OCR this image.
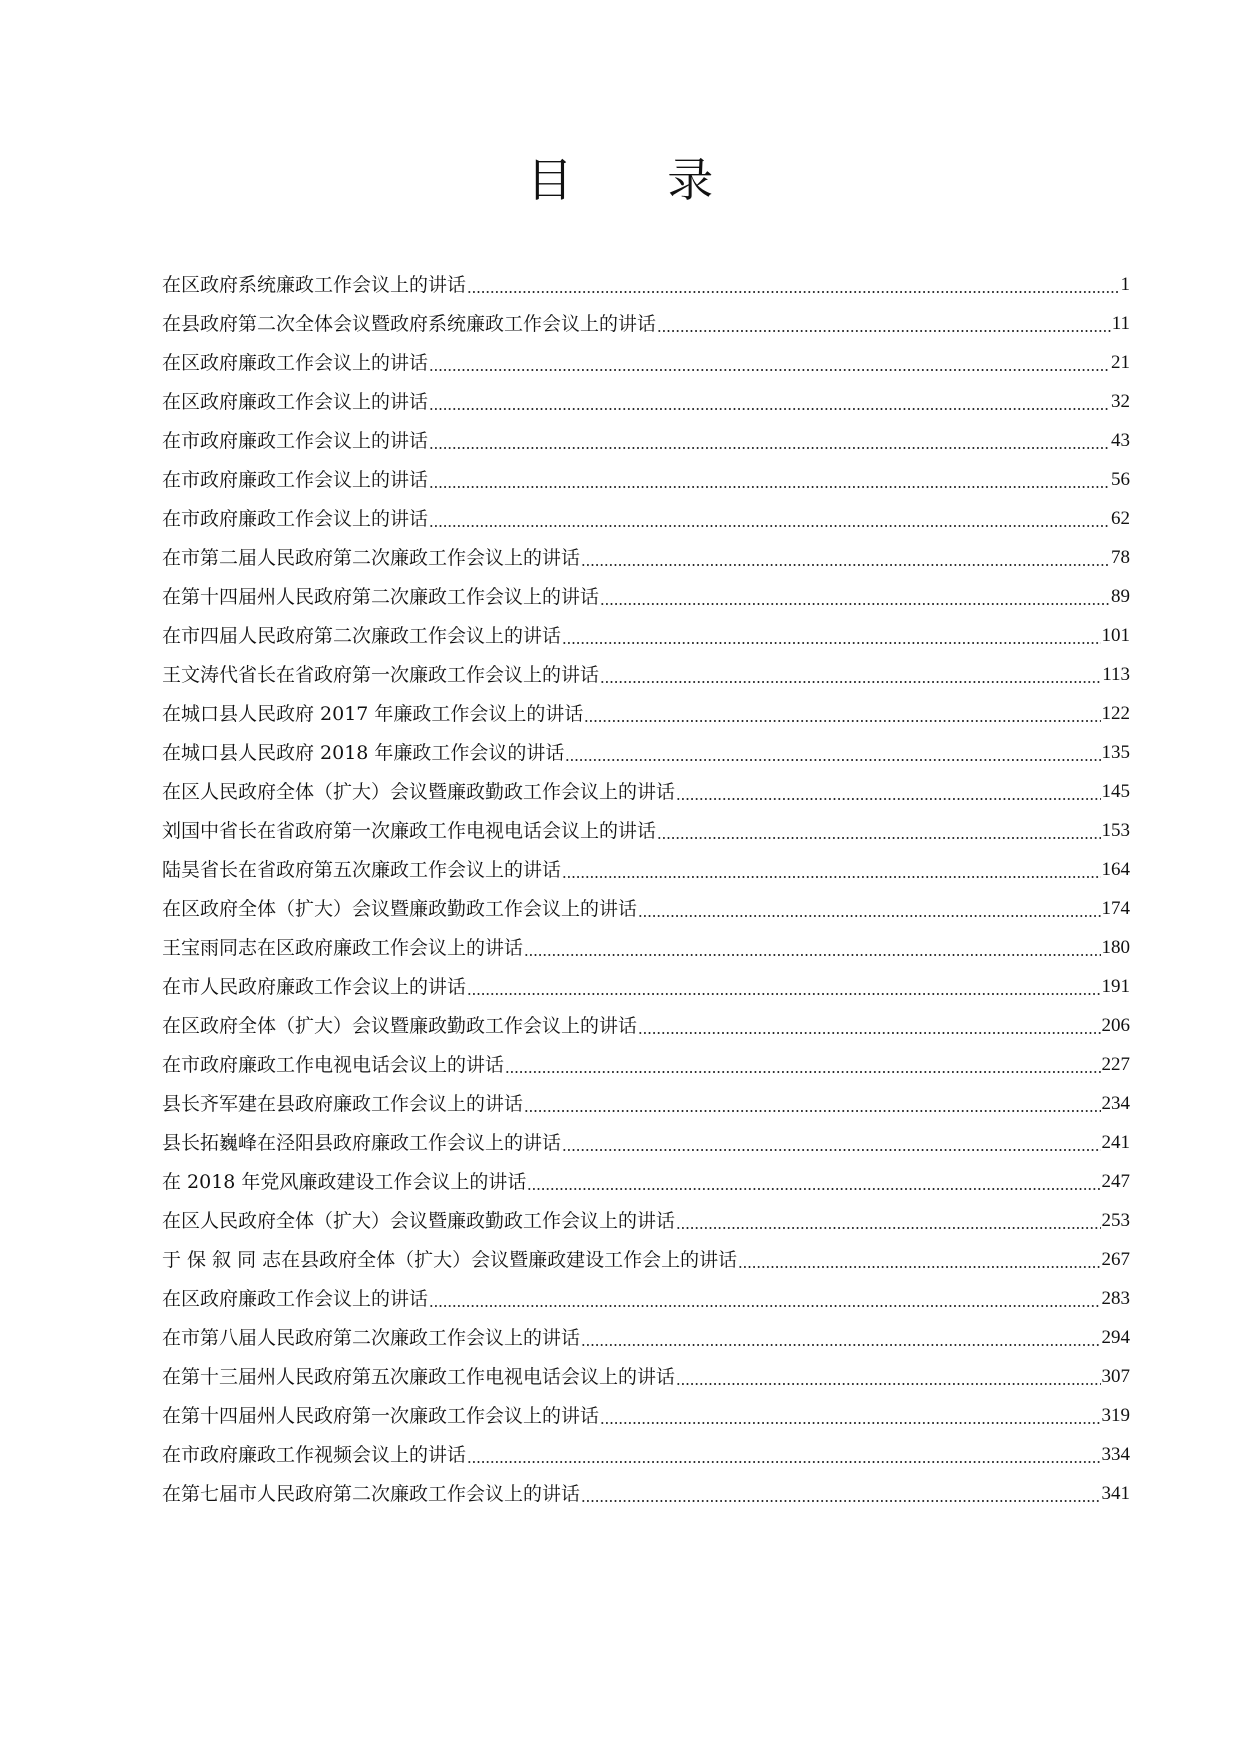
目 录
在区政府系统廉政工作会议上的讲话	1
在县政府第二次全体会议暨政府系统廉政工作会议上的讲话	11
在区政府廉政工作会议上的讲话	21
在区政府廉政工作会议上的讲话	32
在市政府廉政工作会议上的讲话	43
在市政府廉政工作会议上的讲话	56
在市政府廉政工作会议上的讲话	62
在市第二届人民政府第二次廉政工作会议上的讲话	78
在第十四届州人民政府第二次廉政工作会议上的讲话	89
在市四届人民政府第二次廉政工作会议上的讲话	101
王文涛代省长在省政府第一次廉政工作会议上的讲话	113
在城口县人民政府 2017 年廉政工作会议上的讲话	122
在城口县人民政府 2018 年廉政工作会议的讲话	135
在区人民政府全体（扩大）会议暨廉政勤政工作会议上的讲话	145
刘国中省长在省政府第一次廉政工作电视电话会议上的讲话	153
陆昊省长在省政府第五次廉政工作会议上的讲话	164
在区政府全体（扩大）会议暨廉政勤政工作会议上的讲话	174
王宝雨同志在区政府廉政工作会议上的讲话	180
在市人民政府廉政工作会议上的讲话	191
在区政府全体（扩大）会议暨廉政勤政工作会议上的讲话	206
在市政府廉政工作电视电话会议上的讲话	227
县长齐军建在县政府廉政工作会议上的讲话	234
县长拓巍峰在泾阳县政府廉政工作会议上的讲话	241
在 2018 年党风廉政建设工作会议上的讲话	247
在区人民政府全体（扩大）会议暨廉政勤政工作会议上的讲话	253
于 保 叙 同 志在县政府全体（扩大）会议暨廉政建设工作会上的讲话	267
在区政府廉政工作会议上的讲话	283
在市第八届人民政府第二次廉政工作会议上的讲话	294
在第十三届州人民政府第五次廉政工作电视电话会议上的讲话	307
在第十四届州人民政府第一次廉政工作会议上的讲话	319
在市政府廉政工作视频会议上的讲话	334
在第七届市人民政府第二次廉政工作会议上的讲话	341
